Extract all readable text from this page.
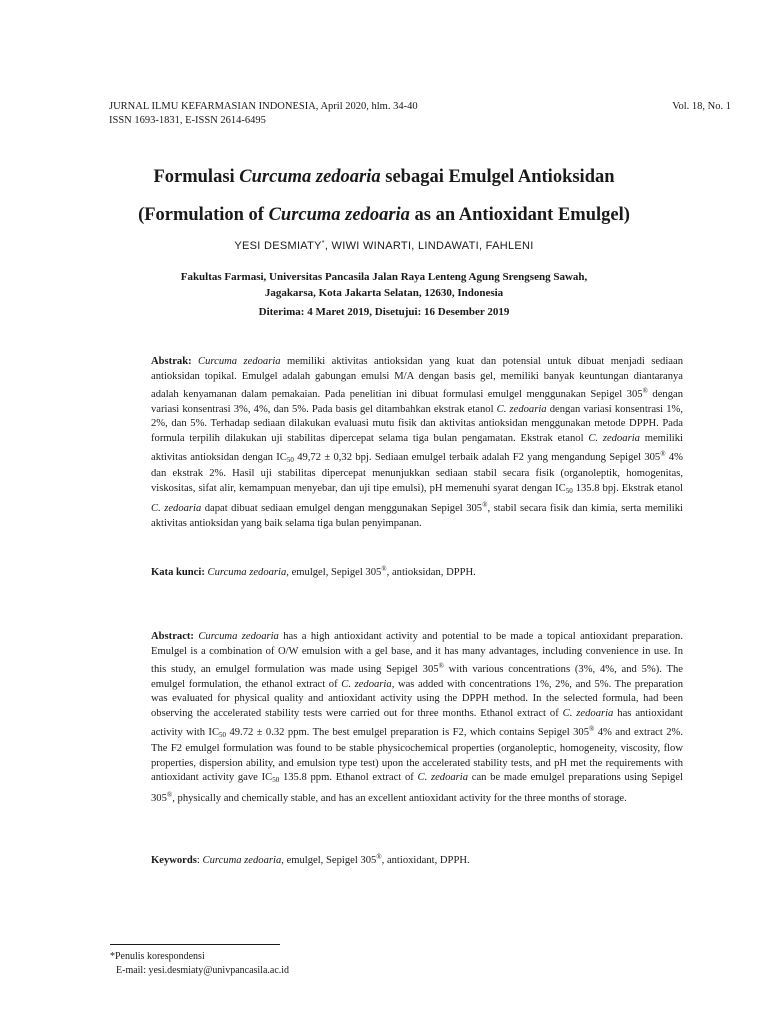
JURNAL ILMU KEFARMASIAN INDONESIA, April 2020, hlm. 34-40
ISSN 1693-1831, E-ISSN 2614-6495
Vol. 18, No. 1
Formulasi Curcuma zedoaria sebagai Emulgel Antioksidan
(Formulation of Curcuma zedoaria as an Antioxidant Emulgel)
YESI DESMIATY*, WIWI WINARTI, LINDAWATI, FAHLENI
Fakultas Farmasi, Universitas Pancasila Jalan Raya Lenteng Agung Srengseng Sawah,
Jagakarsa, Kota Jakarta Selatan, 12630, Indonesia
Diterima: 4 Maret 2019, Disetujui: 16 Desember 2019
Abstrak: Curcuma zedoaria memiliki aktivitas antioksidan yang kuat dan potensial untuk dibuat menjadi sediaan antioksidan topikal. Emulgel adalah gabungan emulsi M/A dengan basis gel, memiliki banyak keuntungan diantaranya adalah kenyamanan dalam pemakaian. Pada penelitian ini dibuat formulasi emulgel menggunakan Sepigel 305® dengan variasi konsentrasi 3%, 4%, dan 5%. Pada basis gel ditambahkan ekstrak etanol C. zedoaria dengan variasi konsentrasi 1%, 2%, dan 5%. Terhadap sediaan dilakukan evaluasi mutu fisik dan aktivitas antioksidan menggunakan metode DPPH. Pada formula terpilih dilakukan uji stabilitas dipercepat selama tiga bulan pengamatan. Ekstrak etanol C. zedoaria memiliki aktivitas antioksidan dengan $IC_{50}$ 49,72 ± 0,32 bpj. Sediaan emulgel terbaik adalah F2 yang mengandung Sepigel 305® 4% dan ekstrak 2%. Hasil uji stabilitas dipercepat menunjukkan sediaan stabil secara fisik (organoleptik, homogenitas, viskositas, sifat alir, kemampuan menyebar, dan uji tipe emulsi), pH memenuhi syarat dengan $IC_{50}$ 135.8 bpj. Ekstrak etanol C. zedoaria dapat dibuat sediaan emulgel dengan menggunakan Sepigel 305®, stabil secara fisik dan kimia, serta memiliki aktivitas antioksidan yang baik selama tiga bulan penyimpanan.
Kata kunci: Curcuma zedoaria, emulgel, Sepigel 305®, antioksidan, DPPH.
Abstract: Curcuma zedoaria has a high antioxidant activity and potential to be made a topical antioxidant preparation. Emulgel is a combination of O/W emulsion with a gel base, and it has many advantages, including convenience in use. In this study, an emulgel formulation was made using Sepigel 305® with various concentrations (3%, 4%, and 5%). The emulgel formulation, the ethanol extract of C. zedoaria, was added with concentrations 1%, 2%, and 5%. The preparation was evaluated for physical quality and antioxidant activity using the DPPH method. In the selected formula, had been observing the accelerated stability tests were carried out for three months. Ethanol extract of C. zedoaria has antioxidant activity with $IC_{50}$ 49.72 ± 0.32 ppm. The best emulgel preparation is F2, which contains Sepigel 305® 4% and extract 2%. The F2 emulgel formulation was found to be stable physicochemical properties (organoleptic, homogeneity, viscosity, flow properties, dispersion ability, and emulsion type test) upon the accelerated stability tests, and pH met the requirements with antioxidant activity gave $IC_{50}$ 135.8 ppm. Ethanol extract of C. zedoaria can be made emulgel preparations using Sepigel 305®, physically and chemically stable, and has an excellent antioxidant activity for the three months of storage.
Keywords: Curcuma zedoaria, emulgel, Sepigel 305®, antioxidant, DPPH.
*Penulis korespondensi
E-mail: yesi.desmiaty@univpancasila.ac.id
